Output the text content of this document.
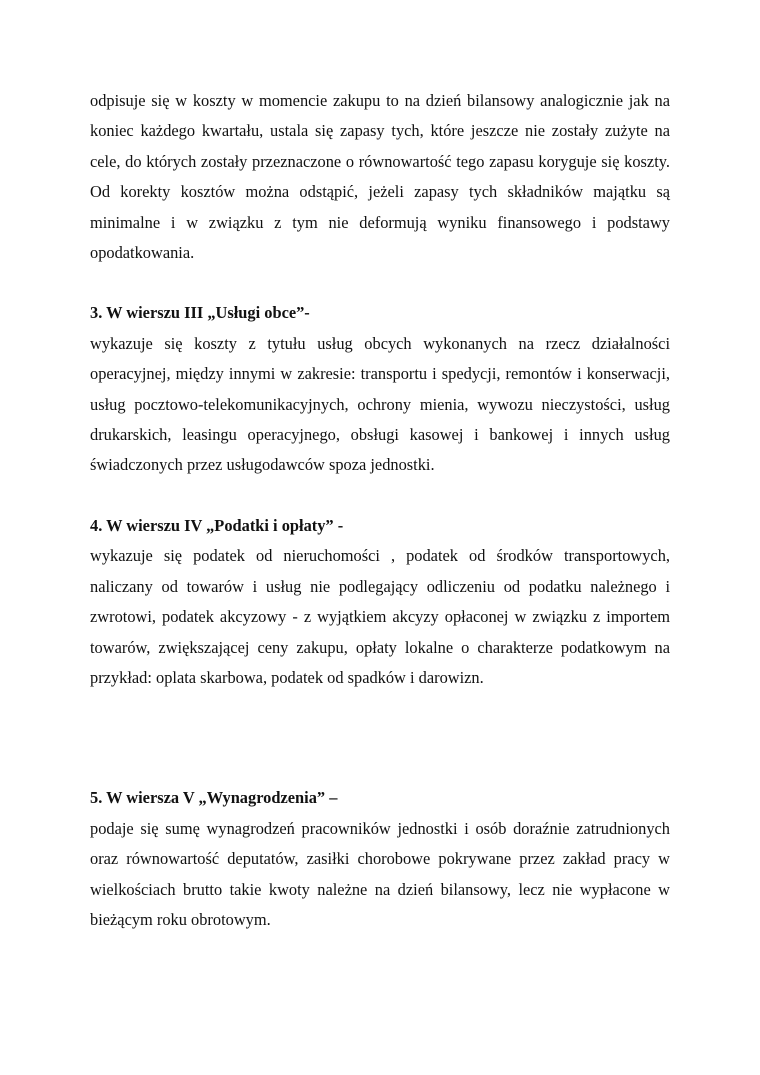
odpisuje się w koszty w momencie zakupu to na dzień bilansowy analogicznie jak na koniec każdego kwartału, ustala się zapasy tych, które jeszcze nie zostały zużyte na cele, do których zostały przeznaczone o równowartość tego zapasu koryguje się koszty. Od korekty kosztów można odstąpić, jeżeli zapasy tych składników majątku są minimalne i w związku z tym nie deformują wyniku finansowego i podstawy opodatkowania.

3. W wierszu III „Usługi obce”-

wykazuje się koszty z tytułu usług obcych wykonanych na rzecz działalności operacyjnej, między innymi w zakresie: transportu i spedycji, remontów i konserwacji, usług pocztowo-telekomunikacyjnych, ochrony mienia, wywozu nieczystości, usług drukarskich, leasingu operacyjnego, obsługi kasowej i bankowej i innych usług świadczonych przez usługodawców spoza jednostki.

4. W wierszu IV „Podatki i opłaty” -

wykazuje się podatek od nieruchomości , podatek od środków transportowych, naliczany od towarów i usług nie podlegający odliczeniu od podatku należnego i zwrotowi, podatek akcyzowy - z wyjątkiem akcyzy opłaconej w związku z importem towarów, zwiększającej ceny zakupu, opłaty lokalne o charakterze podatkowym na przykład: oplata skarbowa, podatek od spadków i darowizn.

5. W wiersza V „Wynagrodzenia” –

podaje się sumę wynagrodzeń pracowników jednostki i osób doraźnie zatrudnionych oraz równowartość deputatów, zasiłki chorobowe pokrywane przez zakład pracy w wielkościach brutto takie kwoty należne na dzień bilansowy, lecz nie wypłacone w bieżącym roku obrotowym.
